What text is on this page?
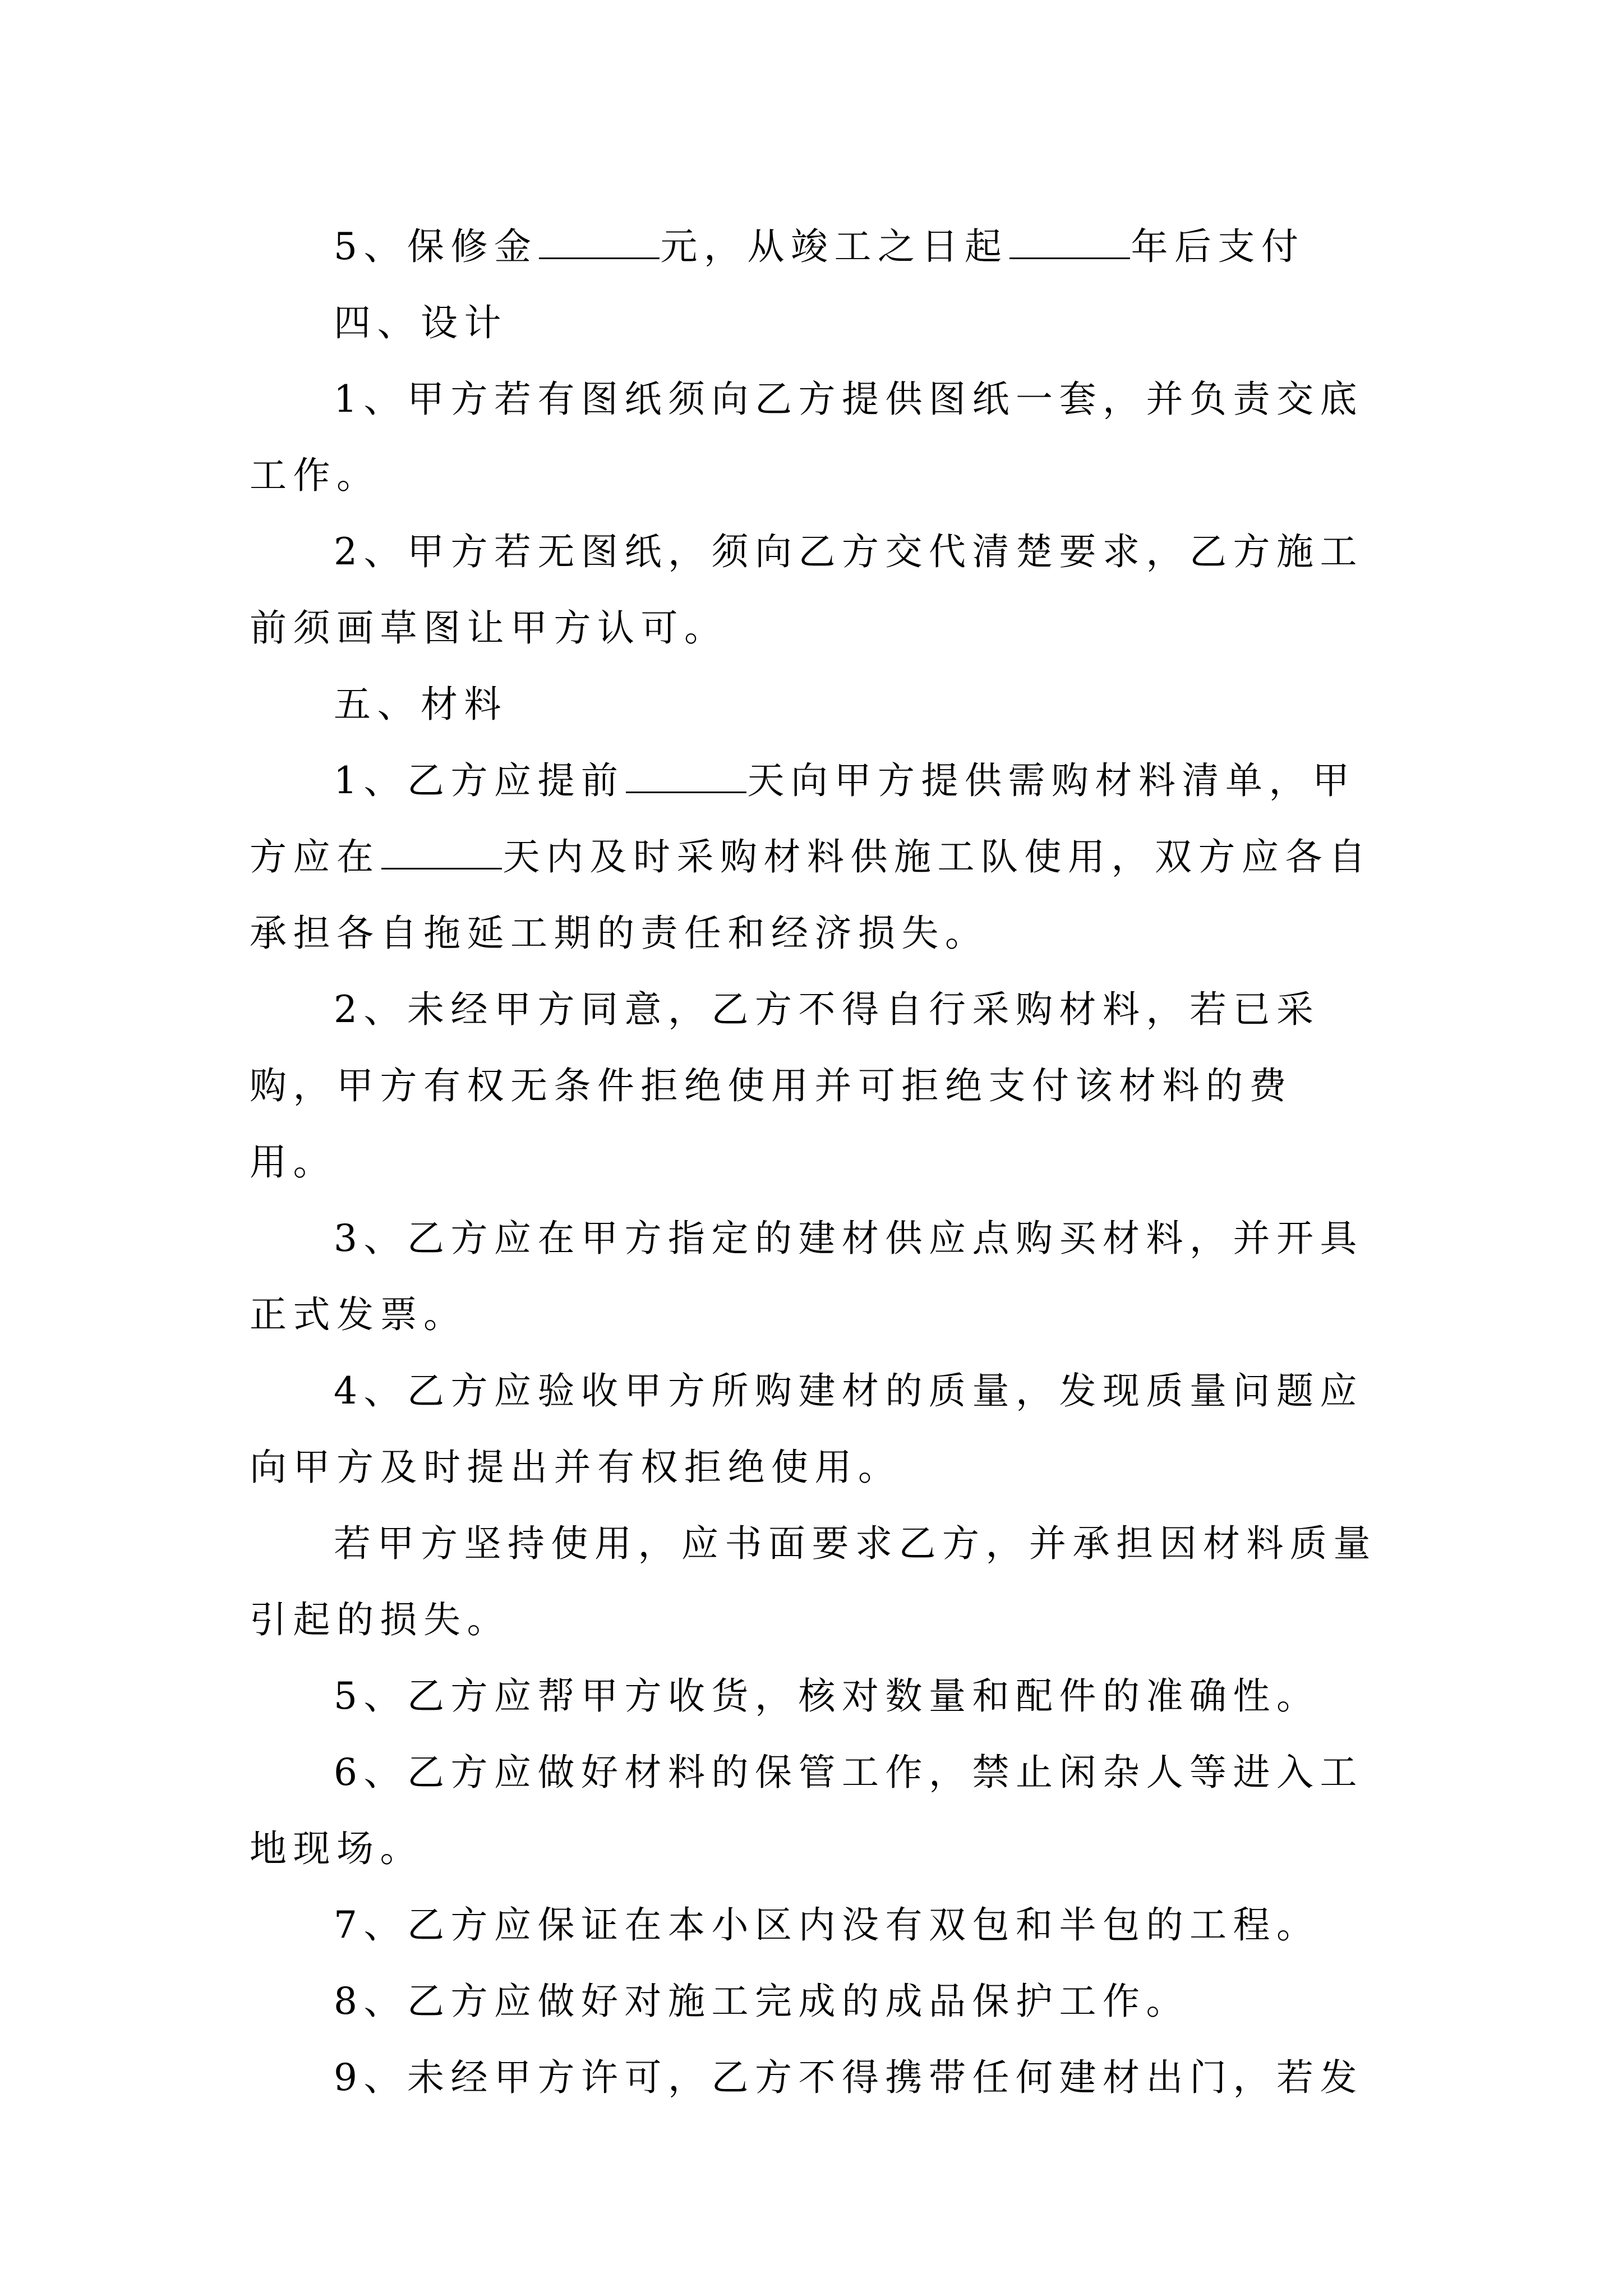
5、保修金	元，从竣工之日起	年后支付

四、设计

1、甲方若有图纸须向乙方提供图纸一套，并负责交底工作。

2、甲方若无图纸，须向乙方交代清楚要求，乙方施工前须画草图让甲方认可。

五、材料

1、乙方应提前	天向甲方提供需购材料清单，甲方应在	天内及时采购材料供施工队使用，双方应各自承担各自拖延工期的责任和经济损失。

2、未经甲方同意，乙方不得自行采购材料，若已采购，甲方有权无条件拒绝使用并可拒绝支付该材料的费用。

3、乙方应在甲方指定的建材供应点购买材料，并开具正式发票。

4、乙方应验收甲方所购建材的质量，发现质量问题应向甲方及时提出并有权拒绝使用。

若甲方坚持使用，应书面要求乙方，并承担因材料质量引起的损失。

5、乙方应帮甲方收货，核对数量和配件的准确性。

6、乙方应做好材料的保管工作，禁止闲杂人等进入工地现场。

7、乙方应保证在本小区内没有双包和半包的工程。

8、乙方应做好对施工完成的成品保护工作。

9、未经甲方许可，乙方不得携带任何建材出门，若发
